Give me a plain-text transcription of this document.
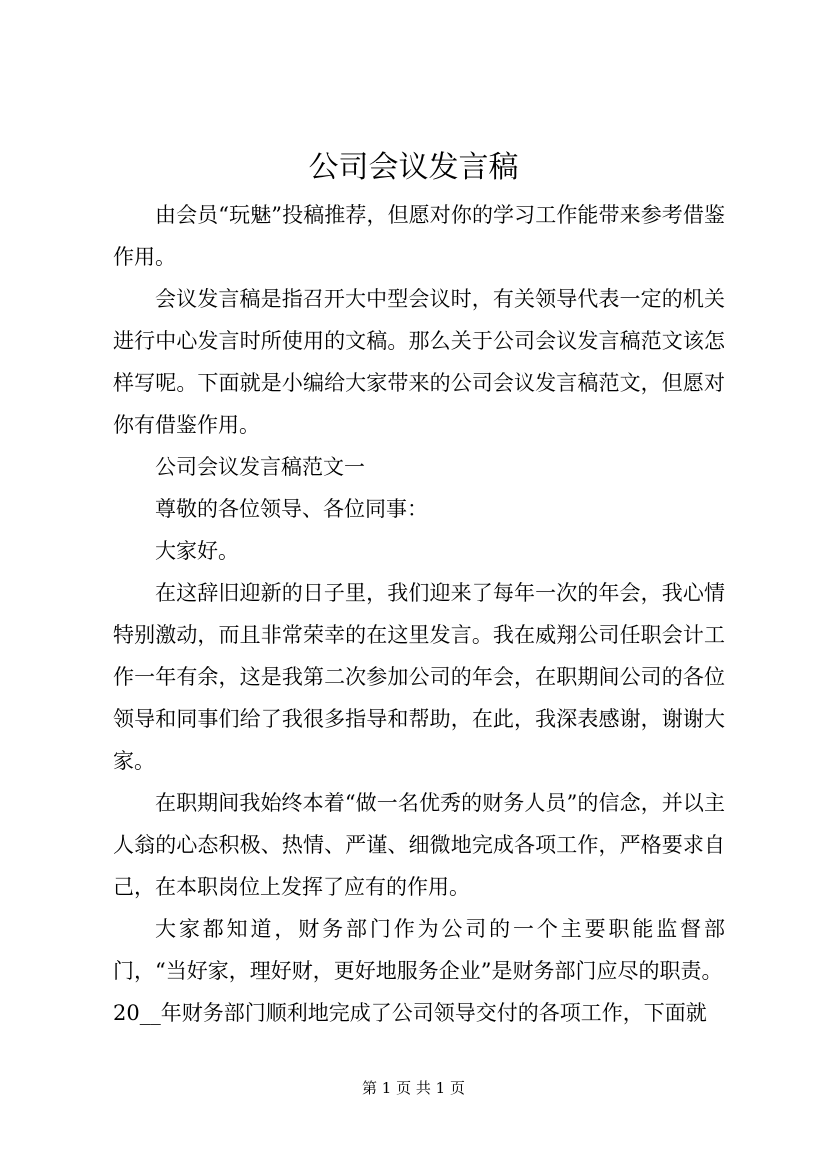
公司会议发言稿

由会员“玩魅”投稿推荐，但愿对你的学习工作能带来参考借鉴作用。

会议发言稿是指召开大中型会议时，有关领导代表一定的机关进行中心发言时所使用的文稿。那么关于公司会议发言稿范文该怎样写呢。下面就是小编给大家带来的公司会议发言稿范文，但愿对你有借鉴作用。

公司会议发言稿范文一

尊敬的各位领导、各位同事：

大家好。

在这辞旧迎新的日子里，我们迎来了每年一次的年会，我心情特别激动，而且非常荣幸的在这里发言。我在威翔公司任职会计工作一年有余，这是我第二次参加公司的年会，在职期间公司的各位领导和同事们给了我很多指导和帮助，在此，我深表感谢，谢谢大家。

在职期间我始终本着“做一名优秀的财务人员”的信念，并以主人翁的心态积极、热情、严谨、细微地完成各项工作，严格要求自己，在本职岗位上发挥了应有的作用。

大家都知道，财务部门作为公司的一个主要职能监督部门，“当好家，理好财，更好地服务企业”是财务部门应尽的职责。

20__年财务部门顺利地完成了公司领导交付的各项工作，下面就

第 1 页 共 1 页
